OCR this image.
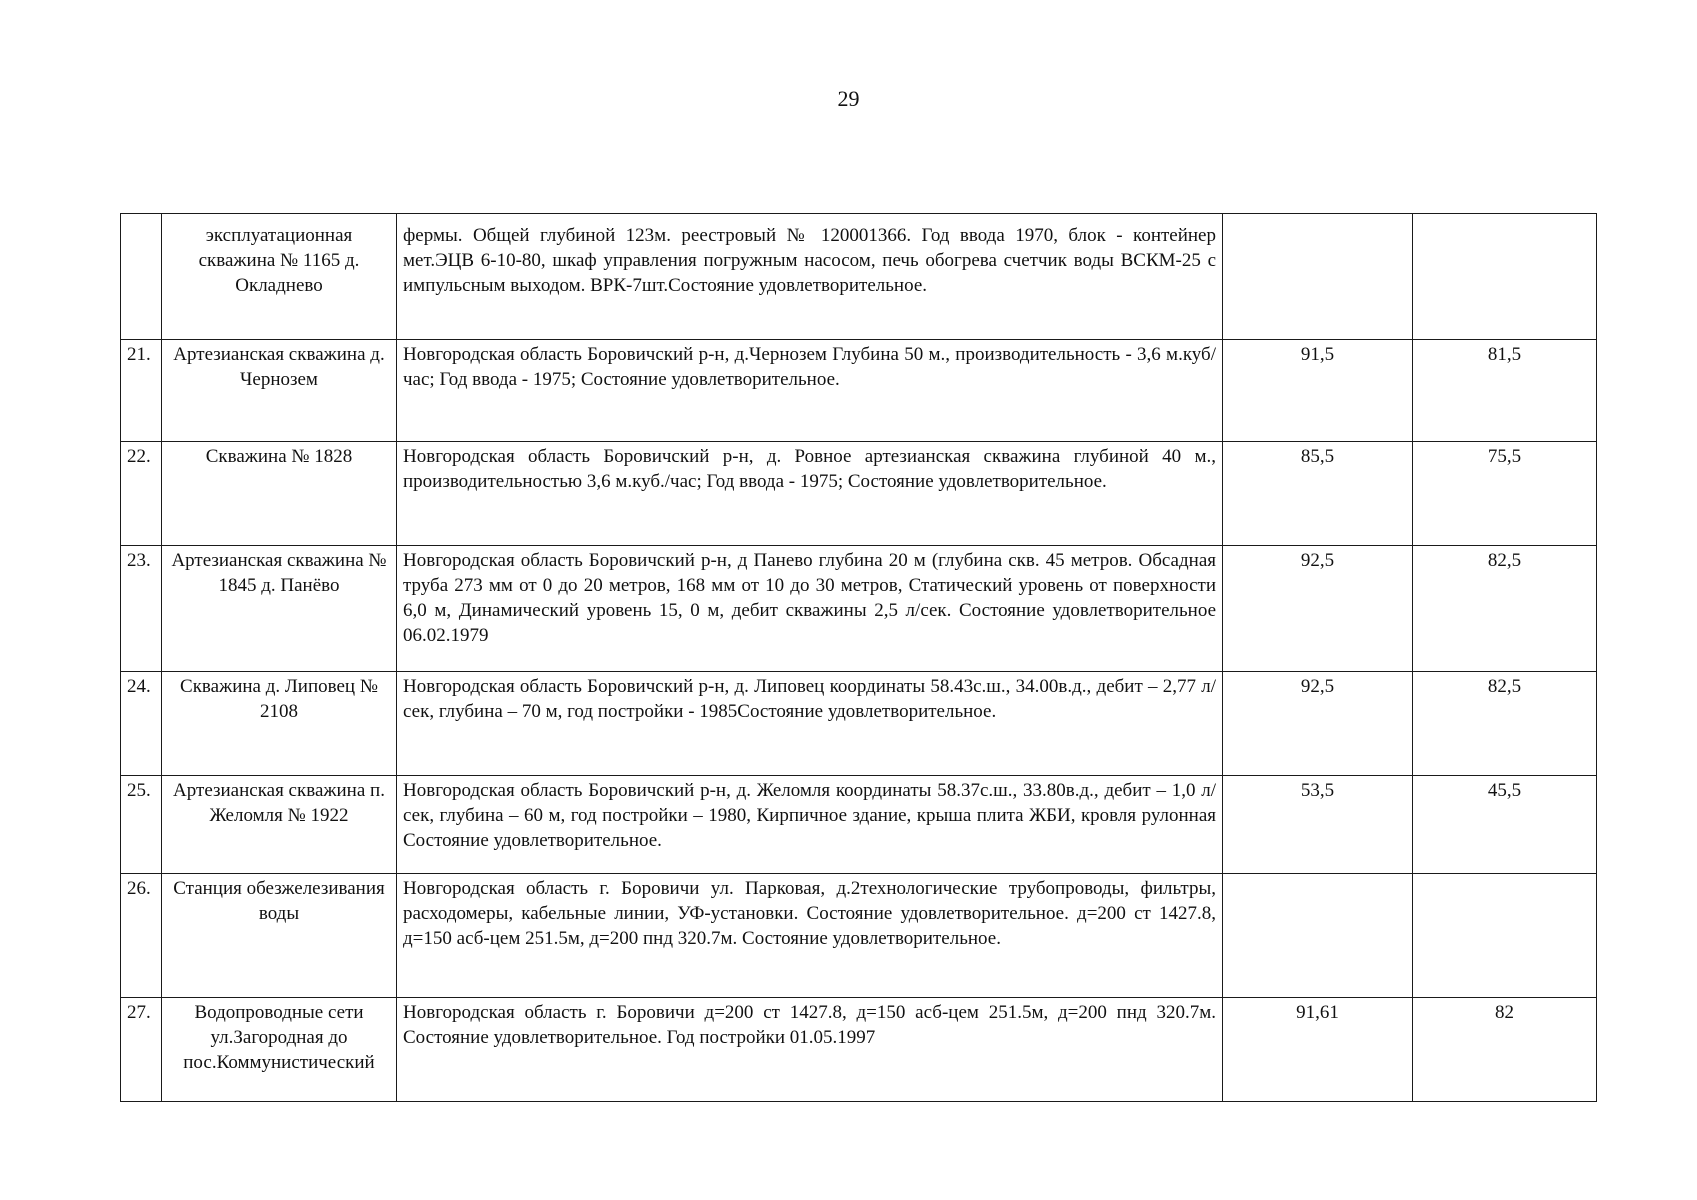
29
	эксплуатационная скважина № 1165 д. Окладнево	фермы. Общей глубиной 123м. реестровый № 120001366. Год ввода 1970, блок - контейнер мет.ЭЦВ 6-10-80, шкаф управления погружным насосом, печь обогрева счетчик воды ВСКМ-25 с импульсным выходом. ВРК-7шт.Состояние удовлетворительное.		
21.	Артезианская скважина д. Чернозем	Новгородская область Боровичский р-н, д.Чернозем Глубина 50 м., производительность - 3,6 м.куб/час; Год ввода - 1975; Состояние удовлетворительное.	91,5	81,5
22.	Скважина № 1828	Новгородская область Боровичский р-н, д. Ровное артезианская скважина глубиной 40 м., производительностью 3,6 м.куб./час; Год ввода - 1975; Состояние удовлетворительное.	85,5	75,5
23.	Артезианская скважина № 1845 д. Панёво	Новгородская область Боровичский р-н, д Панево глубина 20 м (глубина скв. 45 метров. Обсадная труба 273 мм от 0 до 20 метров, 168 мм от 10 до 30 метров, Статический уровень от поверхности 6,0 м, Динамический уровень 15, 0 м, дебит скважины 2,5 л/сек. Состояние удовлетворительное 06.02.1979	92,5	82,5
24.	Скважина д. Липовец № 2108	Новгородская область Боровичский р-н, д. Липовец координаты 58.43с.ш., 34.00в.д., дебит – 2,77 л/сек, глубина – 70 м, год постройки - 1985Состояние удовлетворительное.	92,5	82,5
25.	Артезианская скважина п. Желомля № 1922	Новгородская область Боровичский р-н, д. Желомля координаты 58.37с.ш., 33.80в.д., дебит – 1,0 л/сек, глубина – 60 м, год постройки – 1980, Кирпичное здание, крыша плита ЖБИ, кровля рулонная Состояние удовлетворительное.	53,5	45,5
26.	Станция обезжелезивания воды	Новгородская область г. Боровичи ул. Парковая, д.2технологические трубопроводы, фильтры, расходомеры, кабельные линии, УФ-установки. Состояние удовлетворительное. д=200 ст 1427.8, д=150 асб-цем 251.5м, д=200 пнд 320.7м. Состояние удовлетворительное.		
27.	Водопроводные сети ул.Загородная до пос.Коммунистический	Новгородская область г. Боровичи д=200 ст 1427.8, д=150 асб-цем 251.5м, д=200 пнд 320.7м. Состояние удовлетворительное. Год постройки 01.05.1997	91,61	82
